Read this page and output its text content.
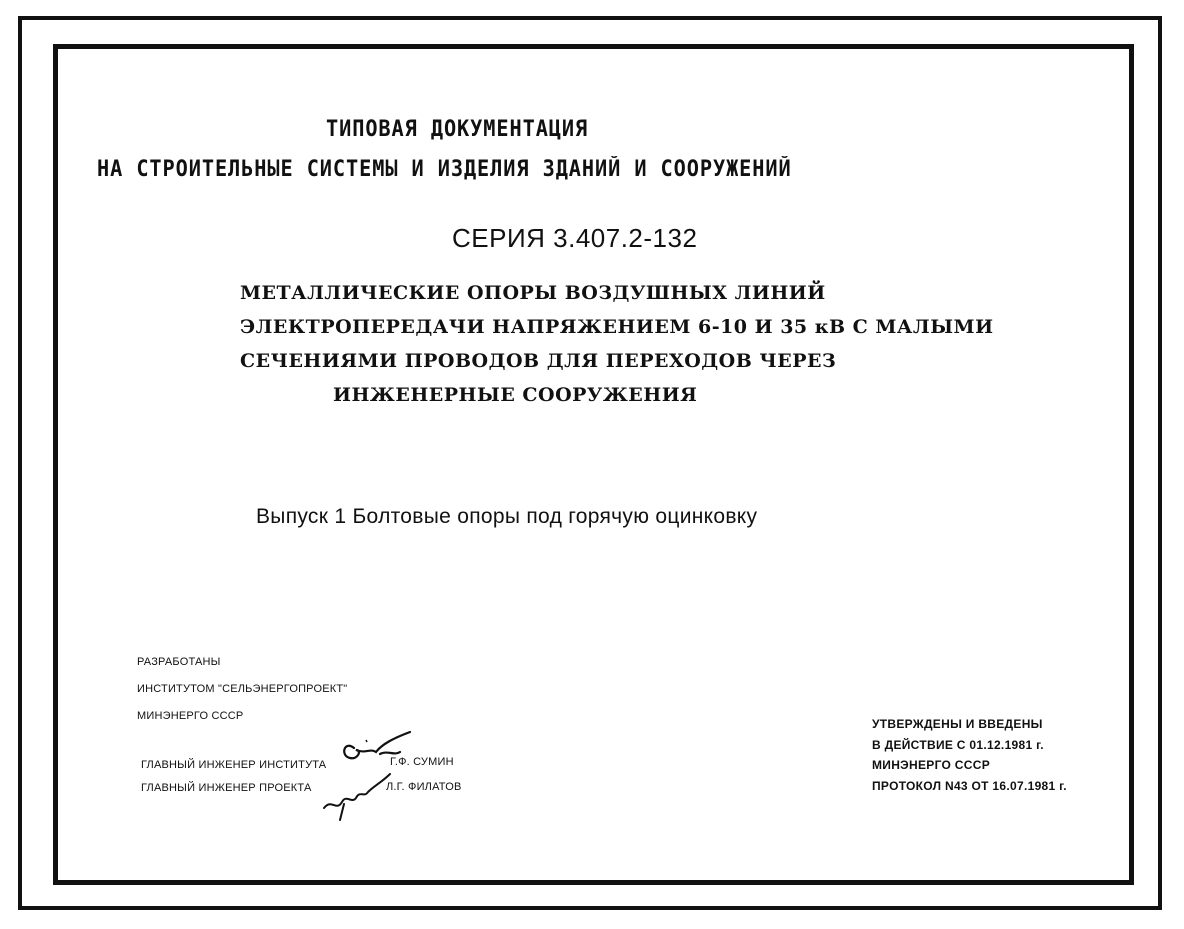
ТИПОВАЯ ДОКУМЕНТАЦИЯ

НА СТРОИТЕЛЬНЫЕ СИСТЕМЫ И ИЗДЕЛИЯ ЗДАНИЙ И СООРУЖЕНИЙ

СЕРИЯ 3.407.2-132

МЕТАЛЛИЧЕСКИЕ ОПОРЫ ВОЗДУШНЫХ ЛИНИЙ

ЭЛЕКТРОПЕРЕДАЧИ НАПРЯЖЕНИЕМ 6-10 И 35 кВ С МАЛЫМИ

СЕЧЕНИЯМИ ПРОВОДОВ ДЛЯ ПЕРЕХОДОВ ЧЕРЕЗ

ИНЖЕНЕРНЫЕ СООРУЖЕНИЯ

Выпуск 1 Болтовые опоры под горячую оцинковку

РАЗРАБОТАНЫ

ИНСТИТУТОМ "СЕЛЬЭНЕРГОПРОЕКТ"

МИНЭНЕРГО СССР

ГЛАВНЫЙ ИНЖЕНЕР ИНСТИТУТА	Г.Ф. СУМИН

ГЛАВНЫЙ ИНЖЕНЕР ПРОЕКТА	Л.Г. ФИЛАТОВ

УТВЕРЖДЕНЫ И ВВЕДЕНЫ

В ДЕЙСТВИЕ С 01.12.1981 г.

МИНЭНЕРГО СССР

ПРОТОКОЛ N43 ОТ 16.07.1981 г.
